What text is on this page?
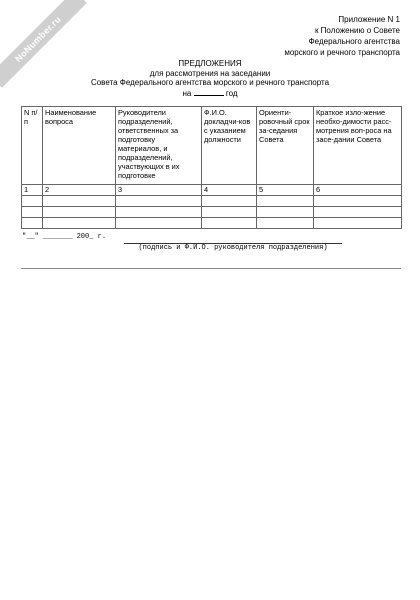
NoNumber.ru	Приложение N 1
к Положению о Совете
Федерального агентства
морского и речного транспорта
ПРЕДЛОЖЕНИЯ
для рассмотрения на заседании
Совета Федерального агентства морского и речного транспорта
на	год
N п/п	Наименование вопроса	Руководители подразделений, ответственных за подготовку материалов, и подразделений, участвующих в их подготовке	Ф.И.О. докладчи-ков с указанием должности	Ориенти-ровочный срок за-седания Совета	Краткое изло-жение необхо-димости расс-мотрения воп-роса на засе-дании Совета
1	2	3	4	5	6

"__" _______ 200_ г.
(подпись и Ф.И.О. руководителя подразделения)
